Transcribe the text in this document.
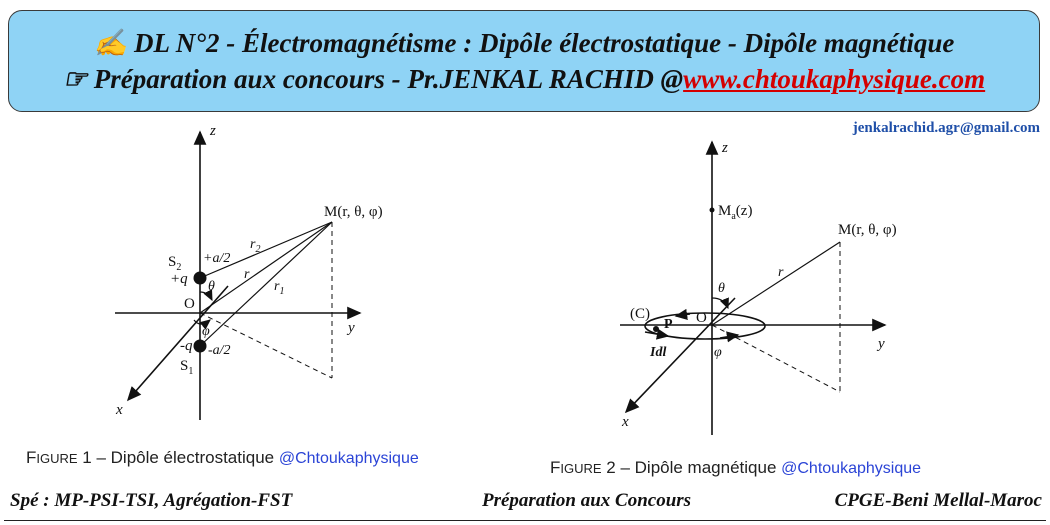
✍ DL N°2 - Électromagnétisme : Dipôle électrostatique - Dipôle magnétique
☞ Préparation aux concours - Pr.JENKAL RACHID @www.chtoukaphysique.com
jenkalrachid.agr@gmail.com
z
y
x
O
M(r, θ, φ)
$S_2$
+a/2
+q θ
φ
-q -a/2
$S_1$
$r_2$
r
$r_1$
FIGURE 1 – Dipôle électrostatique @Chtoukaphysique
z
y
x
O
$M_a(z)$
M(r, θ, φ)
r
θ
φ
(C)
P
Idl
FIGURE 2 – Dipôle magnétique @Chtoukaphysique
Spé : MP-PSI-TSI, Agrégation-FST	Préparation aux Concours	CPGE-Beni Mellal-Maroc
